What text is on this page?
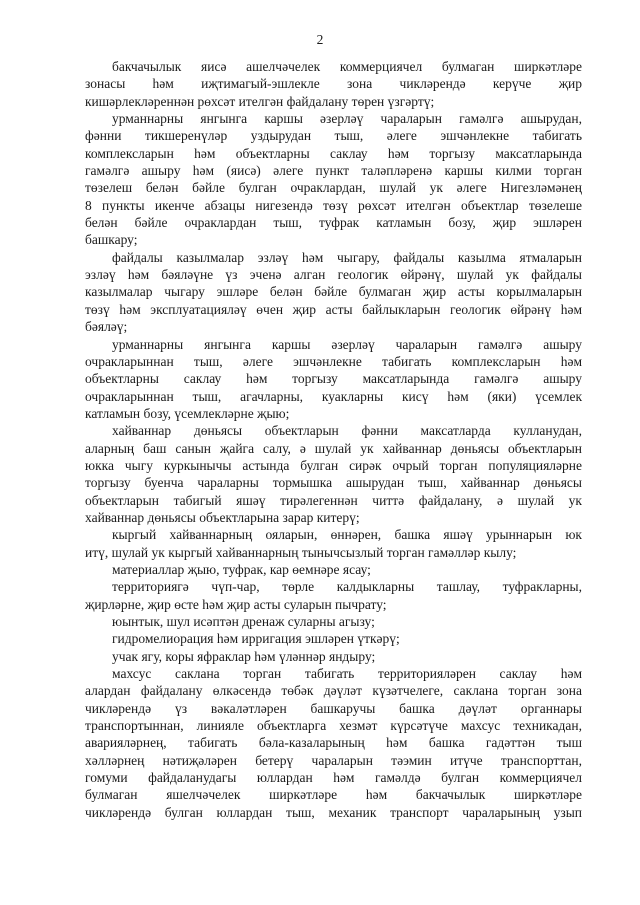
2

бакчачылык яисә ашелчәчелек коммерциячел булмаган ширкәтләре
зонасы һәм иҗтимагый-эшлекле зона чикләрендә керүче җир
кишәрлекләреннән рөхсәт ителгән файдалану төрен үзгәртү;

урманнарны янгынга каршы әзерләү чараларын гамәлгә ашырудан,
фәнни тикшеренүләр уздырудан тыш, әлеге эшчәнлекне табигать
комплексларын һәм объектларны саклау һәм торгызу максатларында
гамәлгә ашыру һәм (яисә) әлеге пункт таләпләренә каршы килми торган
төзелеш белән бәйле булган очраклардан, шулай ук әлеге Нигезләмәнең
8 пункты икенче абзацы нигезендә төзү рөхсәт ителгән объектлар төзелеше
белән бәйле очраклардан тыш, туфрак катламын бозу, җир эшләрен
башкару;

файдалы казылмалар эзләү һәм чыгару, файдалы казылма ятмаларын
эзләү һәм бәяләүне үз эченә алган геологик өйрәнү, шулай ук файдалы
казылмалар чыгару эшләре белән бәйле булмаган җир асты корылмаларын
төзү һәм эксплуатацияләү өчен җир асты байлыкларын геологик өйрәнү һәм
бәяләү;

урманнарны янгынга каршы әзерләү чараларын гамәлгә ашыру
очракларыннан тыш, әлеге эшчәнлекне табигать комплексларын һәм
объектларны саклау һәм торгызу максатларында гамәлгә ашыру
очракларыннан тыш, агачларны, куакларны кисү һәм (яки) үсемлек
катламын бозу, үсемлекләрне җыю;

хайваннар дөньясы объектларын фәнни максатларда кулланудан,
аларның баш санын җайга салу, ә шулай ук хайваннар дөньясы объектларын
юкка чыгу куркынычы астында булган сирәк очрый торган популяцияләрне
торгызу буенча чараларны тормышка ашырудан тыш, хайваннар дөньясы
объектларын табигый яшәү тирәлегеннән читтә файдалану, ә шулай ук
хайваннар дөньясы объектларына зарар китерү;

кыргый хайваннарның ояларын, өннәрен, башка яшәү урыннарын юк
итү, шулай ук кыргый хайваннарның тынычсызлый торган гамәлләр кылу;

материаллар җыю, туфрак, кар өемнәре ясау;

территориягә чүп-чар, төрле калдыкларны ташлау, туфракларны,
җирләрне, җир өсте һәм җир асты суларын пычрату;

юынтык, шул исәптән дренаж суларны агызу;

гидромелиорация һәм ирригация эшләрен үткәрү;

учак ягу, коры яфраклар һәм үләннәр яндыру;

махсус саклана торган табигать территорияләрен саклау һәм
алардан файдалану өлкәсендә төбәк дәүләт күзәтчелеге, саклана торган зона
чикләрендә үз вәкаләтләрен башкаручы башка дәүләт органнары
транспортыннан, линияле объектларга хезмәт күрсәтүче махсус техникадан,
аварияләрнең, табигать бәла-казаларының һәм башка гадәттән тыш
хәлләрнең нәтиҗәләрен бетерү чараларын тәэмин итүче транспорттан,
гомуми файдаланудагы юллардан һәм гамәлдә булган коммерциячел
булмаган яшелчәчелек ширкәтләре һәм бакчачылык ширкәтләре
чикләрендә булган юллардан тыш, механик транспорт чараларының узып
